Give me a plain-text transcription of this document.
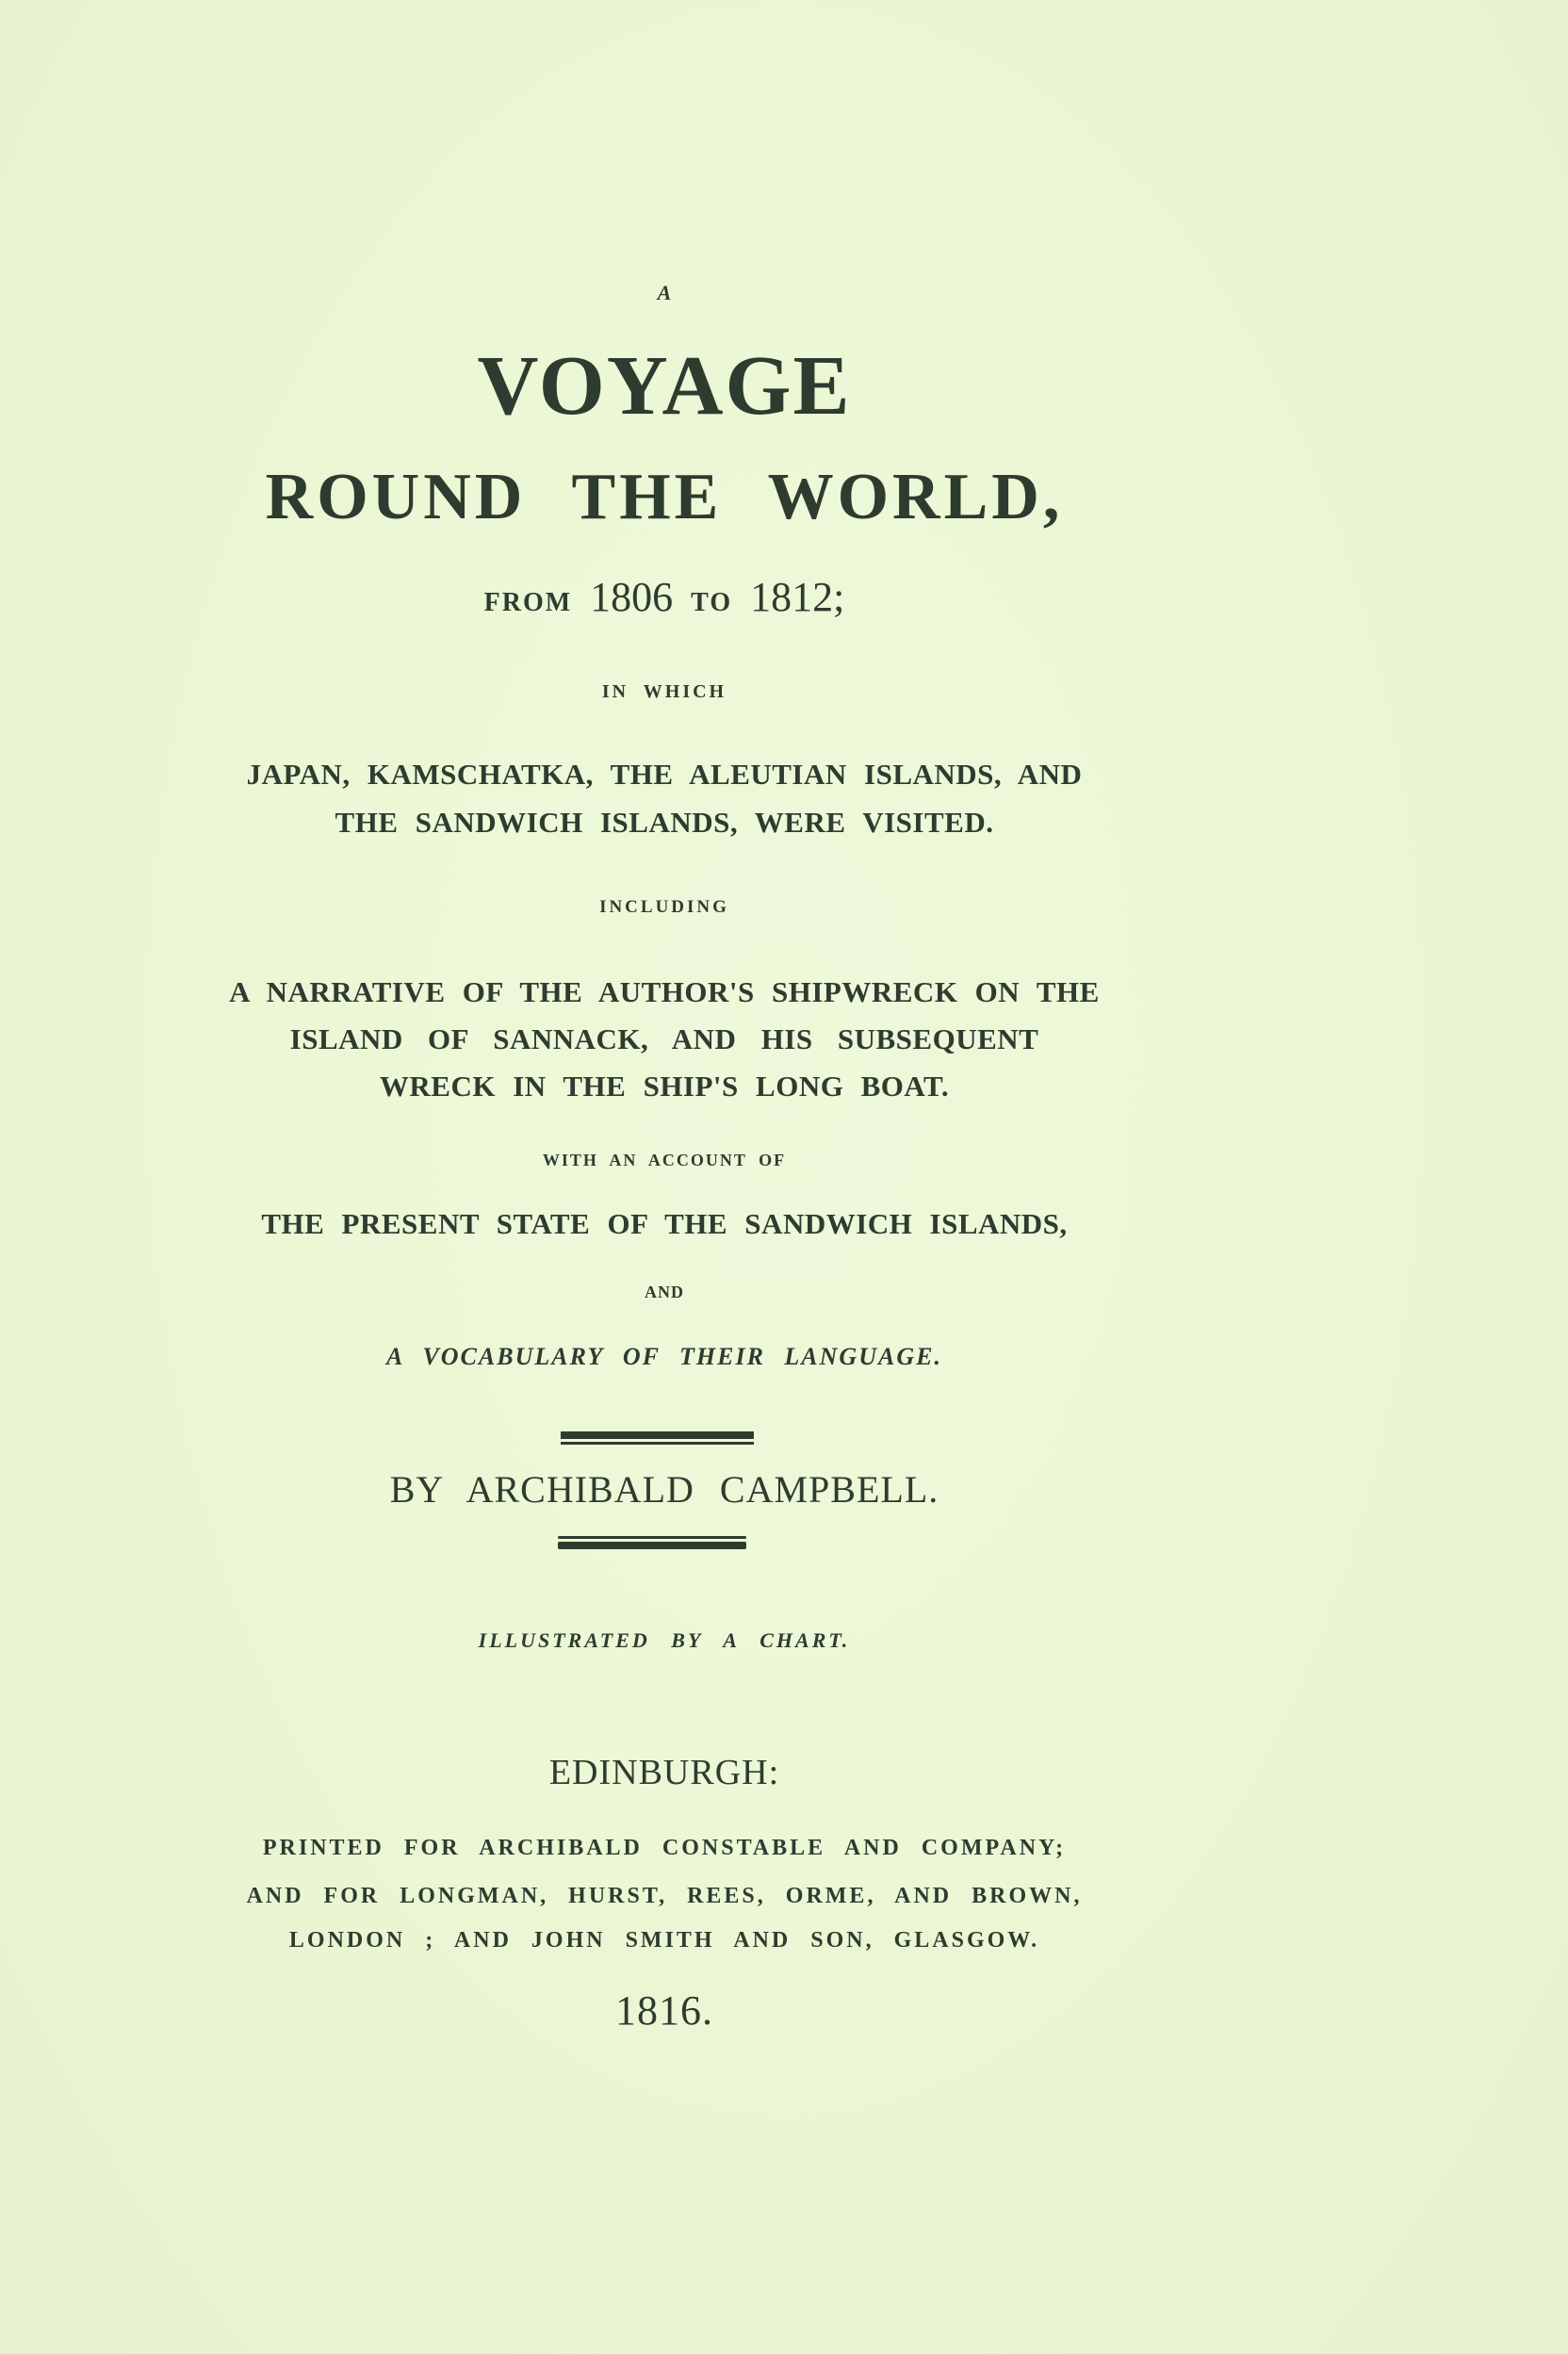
A
VOYAGE
ROUND THE WORLD,
FROM 1806 TO 1812;
IN WHICH
JAPAN, KAMSCHATKA, THE ALEUTIAN ISLANDS, AND
THE SANDWICH ISLANDS, WERE VISITED.
INCLUDING
A NARRATIVE OF THE AUTHOR'S SHIPWRECK ON THE
ISLAND OF SANNACK, AND HIS SUBSEQUENT
WRECK IN THE SHIP'S LONG BOAT.
WITH AN ACCOUNT OF
THE PRESENT STATE OF THE SANDWICH ISLANDS,
AND
A VOCABULARY OF THEIR LANGUAGE.
BY ARCHIBALD CAMPBELL.
ILLUSTRATED BY A CHART.
EDINBURGH:
PRINTED FOR ARCHIBALD CONSTABLE AND COMPANY;
AND FOR LONGMAN, HURST, REES, ORME, AND BROWN,
LONDON ; AND JOHN SMITH AND SON, GLASGOW.
1816.
